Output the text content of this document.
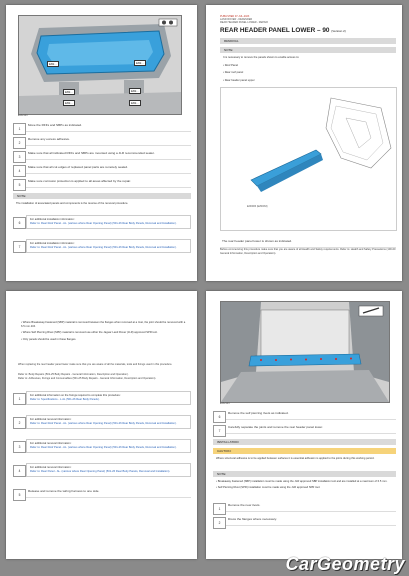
E82...	E82...
E82...	E82...
E82...	E82...
E252193
1
Move the RFFs and SBPs as indicated.
2
Remove any excess adhesive.
3
Make sure that all indicated RFFs and SBPs are mounted using a JLR recommended sealer.
4
Make sure that all cut edges of replaced panel parts are remotely sealed.
5
Make sure corrosion protection is applied to all areas affected by the repair.
NOTE:
The installation of associated panels and components is the reverse of the removal procedure.
6
For additional installation information:
Refer to: Rear Roof Panel - AL. (various where Rear Opening Panel) (501-26 Rear Body Panels, Removal and Installation).
7
For additional installation information:
Refer to: Rear Roof Panel - AL. (various where Rear Opening Panel) (501-26 Rear Body Panels, Removal and Installation).
PUBLISHED 07-JUL-2023
LAND ROVER - DEFENDER
REAR HEADER PANEL LOWER - REPAIR
REAR HEADER PANEL LOWER – 90 (Version 2)
REMOVAL
NOTE:
It is necessary to remove the panels shown to enable access to:
• Roof Panel
• Rear roof panel
• Rear header panel upper
E260063 (E260063)
The rear header panel lower is shown as indicated.
Before commencing this procedure make sure that you are aware of all Health and Safety requirements. Refer to: Health and Safety Precautions (100-00 General Information, Description and Operation).
• Where Breakaway Fastened (SBP) material is removed between the flanges when removed at a rivet, the joint should be removed with a 6.5 mm drill.
• Where Self Piercing Rivet (SPR) material is removed use either the Jaguar Land Rover (JLR) approved SPR tool.
• Only panels should be used in these flanges.
When replacing the rear header panel lower make sure that you are aware of all the materials, tools and fixings used in this procedure.
Refer to: Body Repairs (501-25 Body Repairs - General Information, Description and Operation).
Refer to: Adhesives, Fixings and Consumables (501-25 Body Repairs - General Information, Description and Operation).
1
For additional information on the fixings required to complete this procedure:
Refer to: Specifications - L.AL (501-26 Rear Body Panels).
2
For additional removal information:
Refer to: Rear Roof Panel - AL. (various where Rear Opening Panel) (501-26 Rear Body Panels, Removal and Installation).
3
For additional removal information:
Refer to: Rear Roof Panel - AL. (various where Rear Opening Panel) (501-26 Rear Body Panels, Removal and Installation).
4
For additional removal information:
Refer to: Rear Panel - AL. (various where Rear Opening Panel) (501-26 Rear Body Panels, Removal and Installation).
5
Release and remove the wiring harness to one side.
E252194
6
Remove the self piercing rivets as indicated.
7
Carefully separate the joints and remove the rear header panel lower.
INSTALLATION
CAUTION:
Where structural adhesive is to be applied between surfaces it is essential adhesion is applied to the joints during this working period.
NOTE:
• Breakaway Fastened (SBP) installation must be made using the JLR approved SBP installation tool and are installed at a maximum of 6.5 mm.
• Self Piercing Rivet (SPR) installation must be made using the JLR approved SPR tool.
1
Remove the new rivets.
2
Dress the flanges where necessary.
CarGeometry
